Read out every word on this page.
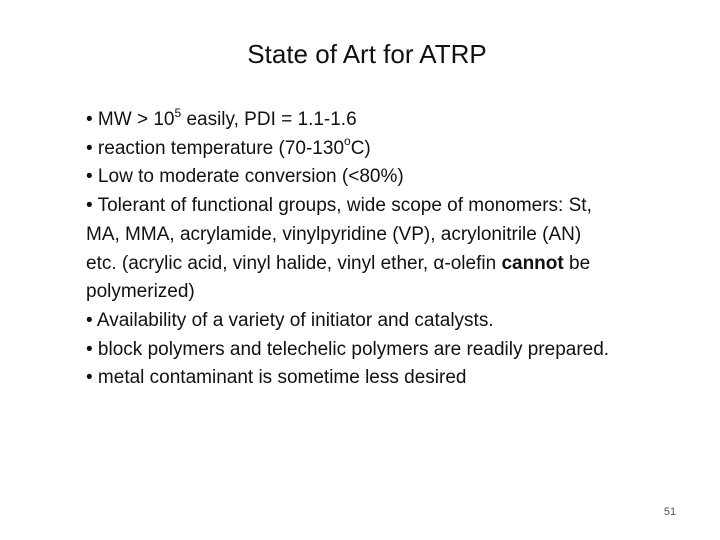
State of Art for ATRP
• MW > $10^5$ easily, PDI = 1.1-1.6
• reaction temperature (70-130$^o$C)
• Low to moderate conversion (<80%)
• Tolerant of functional groups, wide scope of monomers: St,
MA, MMA, acrylamide, vinylpyridine (VP), acrylonitrile (AN)
etc. (acrylic acid, vinyl halide, vinyl ether, α-olefin cannot be
polymerized)
• Availability of a variety of initiator and catalysts.
• block polymers and telechelic polymers are readily prepared.
• metal contaminant is sometime less desired
51
